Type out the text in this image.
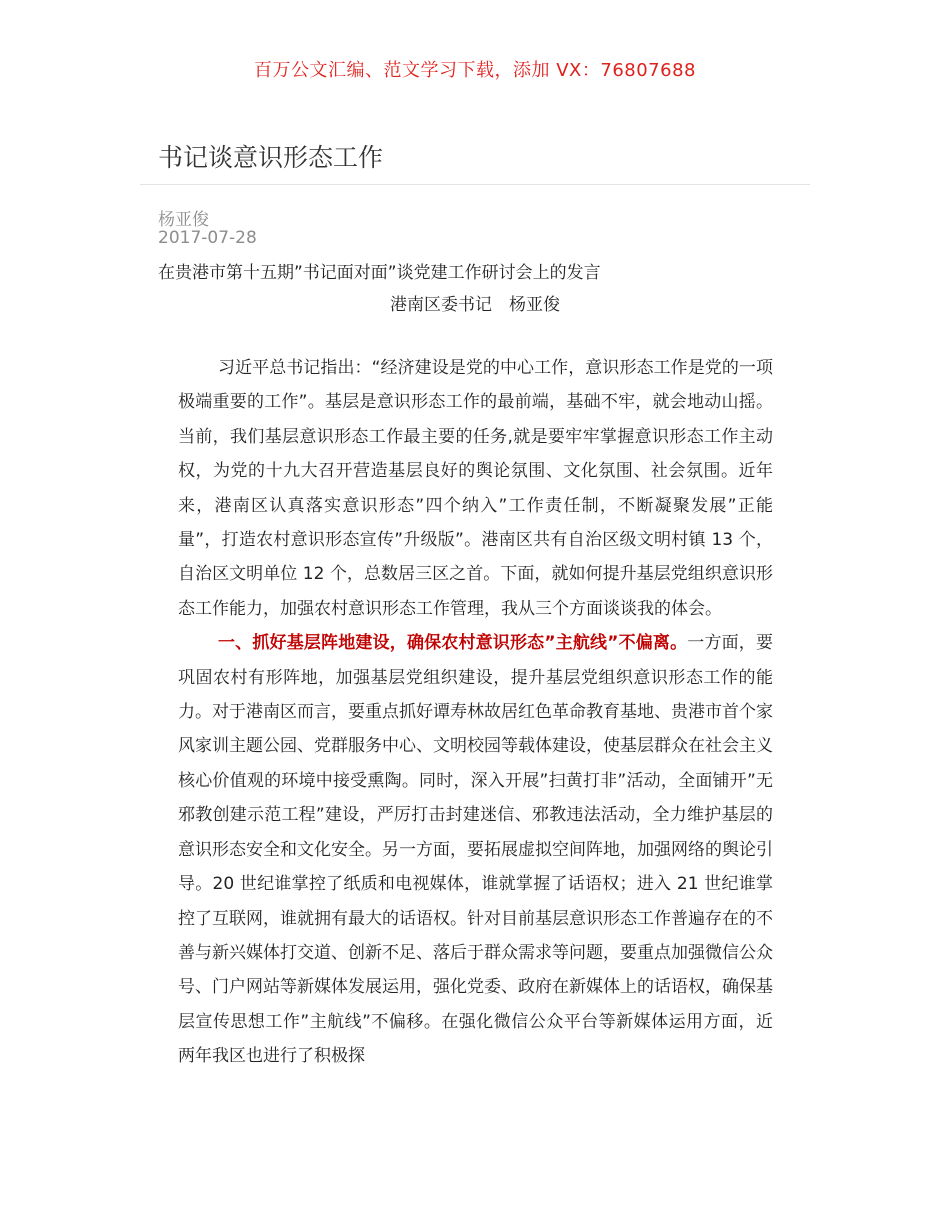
百万公文汇编、范文学习下载，添加 VX：76807688
书记谈意识形态工作
杨亚俊
2017-07-28
在贵港市第十五期”书记面对面”谈党建工作研讨会上的发言
港南区委书记　杨亚俊

习近平总书记指出：“经济建设是党的中心工作，意识形态工作是党的一项极端重要的工作”。基层是意识形态工作的最前端，基础不牢，就会地动山摇。当前，我们基层意识形态工作最主要的任务,就是要牢牢掌握意识形态工作主动权，为党的十九大召开营造基层良好的舆论氛围、文化氛围、社会氛围。近年来，港南区认真落实意识形态”四个纳入”工作责任制，不断凝聚发展”正能量”，打造农村意识形态宣传”升级版”。港南区共有自治区级文明村镇 13 个，自治区文明单位 12 个，总数居三区之首。下面，就如何提升基层党组织意识形态工作能力，加强农村意识形态工作管理，我从三个方面谈谈我的体会。

一、抓好基层阵地建设，确保农村意识形态”主航线”不偏离。一方面，要巩固农村有形阵地，加强基层党组织建设，提升基层党组织意识形态工作的能力。对于港南区而言，要重点抓好谭寿林故居红色革命教育基地、贵港市首个家风家训主题公园、党群服务中心、文明校园等载体建设，使基层群众在社会主义核心价值观的环境中接受熏陶。同时，深入开展”扫黄打非”活动，全面铺开”无邪教创建示范工程”建设，严厉打击封建迷信、邪教违法活动，全力维护基层的意识形态安全和文化安全。另一方面，要拓展虚拟空间阵地，加强网络的舆论引导。20 世纪谁掌控了纸质和电视媒体，谁就掌握了话语权；进入 21 世纪谁掌控了互联网，谁就拥有最大的话语权。针对目前基层意识形态工作普遍存在的不善与新兴媒体打交道、创新不足、落后于群众需求等问题，要重点加强微信公众号、门户网站等新媒体发展运用，强化党委、政府在新媒体上的话语权，确保基层宣传思想工作”主航线”不偏移。在强化微信公众平台等新媒体运用方面，近两年我区也进行了积极探
